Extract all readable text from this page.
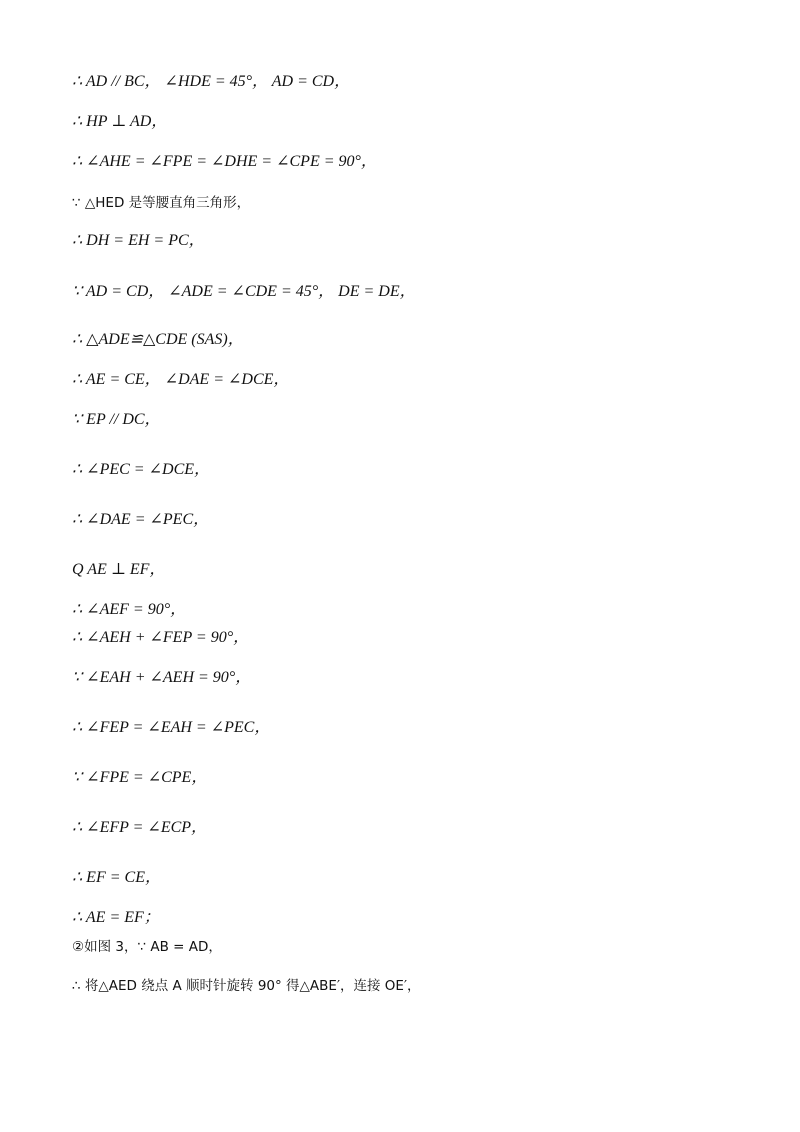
∴ AD // BC， ∠HDE = 45°， AD = CD，
∴ HP ⊥ AD，
∴ ∠AHE = ∠FPE = ∠DHE = ∠CPE = 90°，
∵ △HED 是等腰直角三角形，
∴ DH = EH = PC，
∵ AD = CD， ∠ADE = ∠CDE = 45°， DE = DE，
∴ △ADE≌△CDE (SAS)，
∴ AE = CE， ∠DAE = ∠DCE，
∵ EP // DC，
∴ ∠PEC = ∠DCE，
∴ ∠DAE = ∠PEC，
Q AE ⊥ EF，
∴ ∠AEF = 90°，
∴ ∠AEH + ∠FEP = 90°，
∵ ∠EAH + ∠AEH = 90°，
∴ ∠FEP = ∠EAH = ∠PEC，
∵ ∠FPE = ∠CPE，
∴ ∠EFP = ∠ECP，
∴ EF = CE，
∴ AE = EF；
②如图 3，∵ AB = AD，
∴ 将△AED 绕点 A 顺时针旋转 90° 得△ABE′，连接 OE′，
